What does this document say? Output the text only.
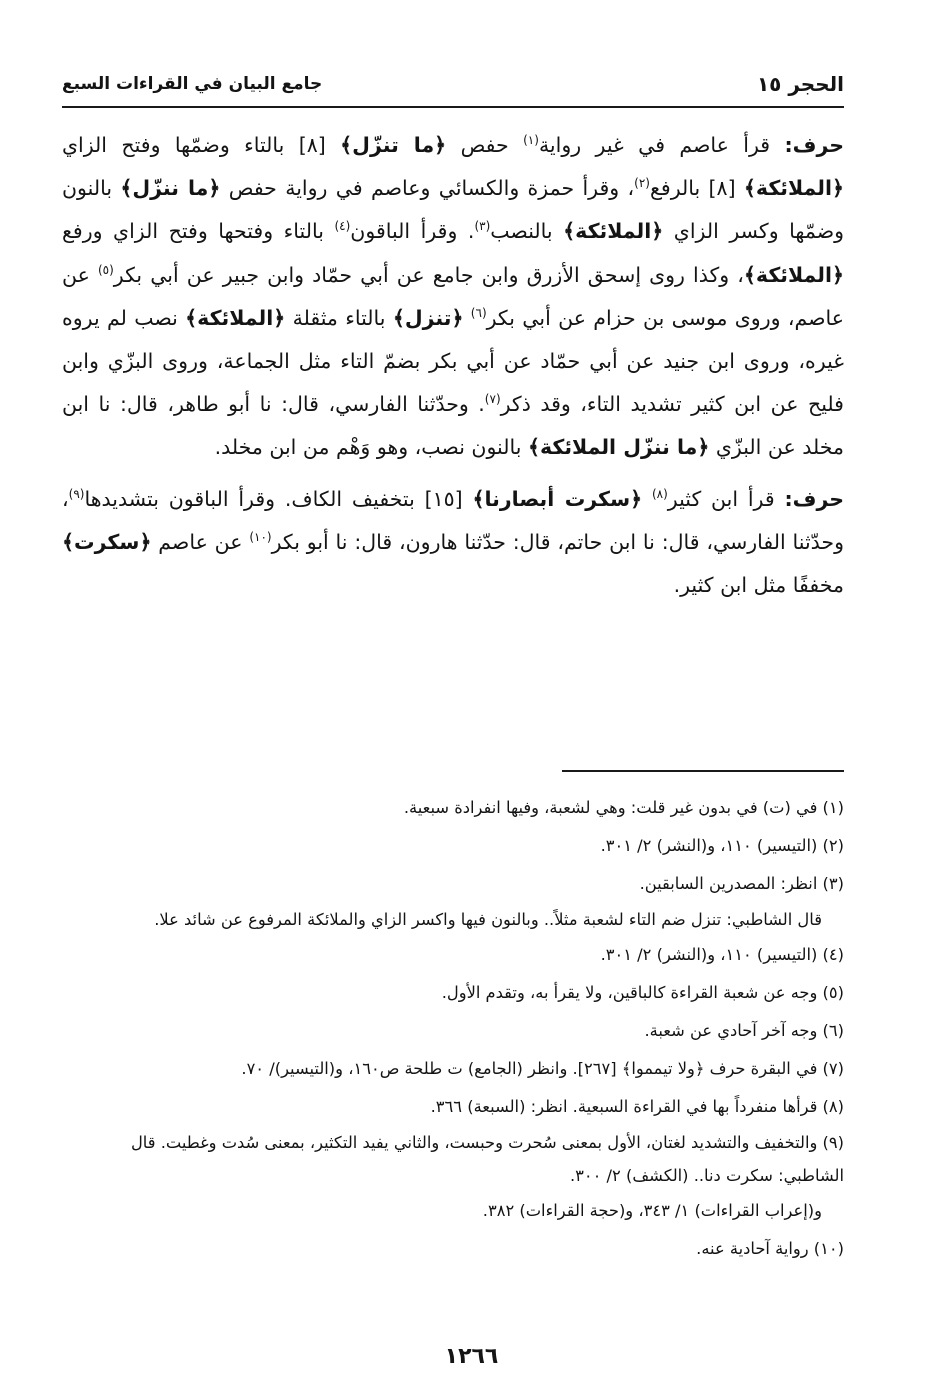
الحجر ١٥
جامع البيان في القراءات السبع

حرف: قرأ عاصم في غير رواية$^{(١)}$ حفص ﴿ما تنزّل﴾ [٨] بالتاء وضمّها وفتح الزاي ﴿الملائكة﴾ [٨] بالرفع$^{(٢)}$، وقرأ حمزة والكسائي وعاصم في رواية حفص ﴿ما ننزّل﴾ بالنون وضمّها وكسر الزاي ﴿الملائكة﴾ بالنصب$^{(٣)}$. وقرأ الباقون$^{(٤)}$ بالتاء وفتحها وفتح الزاي ورفع ﴿الملائكة﴾، وكذا روى إسحق الأزرق وابن جامع عن أبي حمّاد وابن جبير عن أبي بكر$^{(٥)}$ عن عاصم، وروى موسى بن حزام عن أبي بكر$^{(٦)}$ ﴿تنزل﴾ بالتاء مثقلة ﴿الملائكة﴾ نصب لم يروه غيره، وروى ابن جنيد عن أبي حمّاد عن أبي بكر بضمّ التاء مثل الجماعة، وروى البزّي وابن فليح عن ابن كثير تشديد التاء، وقد ذكر$^{(٧)}$. وحدّثنا الفارسي، قال: نا أبو طاهر، قال: نا ابن مخلد عن البزّي ﴿ما ننزّل الملائكة﴾ بالنون نصب، وهو وَهْم من ابن مخلد.

حرف: قرأ ابن كثير$^{(٨)}$ ﴿سكرت أبصارنا﴾ [١٥] بتخفيف الكاف. وقرأ الباقون بتشديدها$^{(٩)}$، وحدّثنا الفارسي، قال: نا ابن حاتم، قال: حدّثنا هارون، قال: نا أبو بكر$^{(١٠)}$ عن عاصم ﴿سكرت﴾ مخففًا مثل ابن كثير.

(١) في (ت) في بدون غير قلت: وهي لشعبة، وفيها انفرادة سبعية.

(٢) (التيسير) ١١٠، و(النشر) ٢/ ٣٠١.

(٣) انظر: المصدرين السابقين.

قال الشاطبي: تنزل ضم التاء لشعبة مثلاً.. وبالنون فيها واكسر الزاي والملائكة المرفوع عن شائد علا.

(٤) (التيسير) ١١٠، و(النشر) ٢/ ٣٠١.

(٥) وجه عن شعبة القراءة كالباقين، ولا يقرأ به، وتقدم الأول.

(٦) وجه آخر آحادي عن شعبة.

(٧) في البقرة حرف ﴿ولا تيمموا﴾ [٢٦٧]. وانظر (الجامع) ت طلحة ص١٦٠، و(التيسير)/ ٧٠.

(٨) قرأها منفرداً بها في القراءة السبعية. انظر: (السبعة) ٣٦٦.

(٩) والتخفيف والتشديد لغتان، الأول بمعنى سُحرت وحبست، والثاني يفيد التكثير، بمعنى سُدت وغطيت. قال الشاطبي: سكرت دنا.. (الكشف) ٢/ ٣٠٠.

و(إعراب القراءات) ١/ ٣٤٣، و(حجة القراءات) ٣٨٢.

(١٠) رواية آحادية عنه.

١٢٦٦
